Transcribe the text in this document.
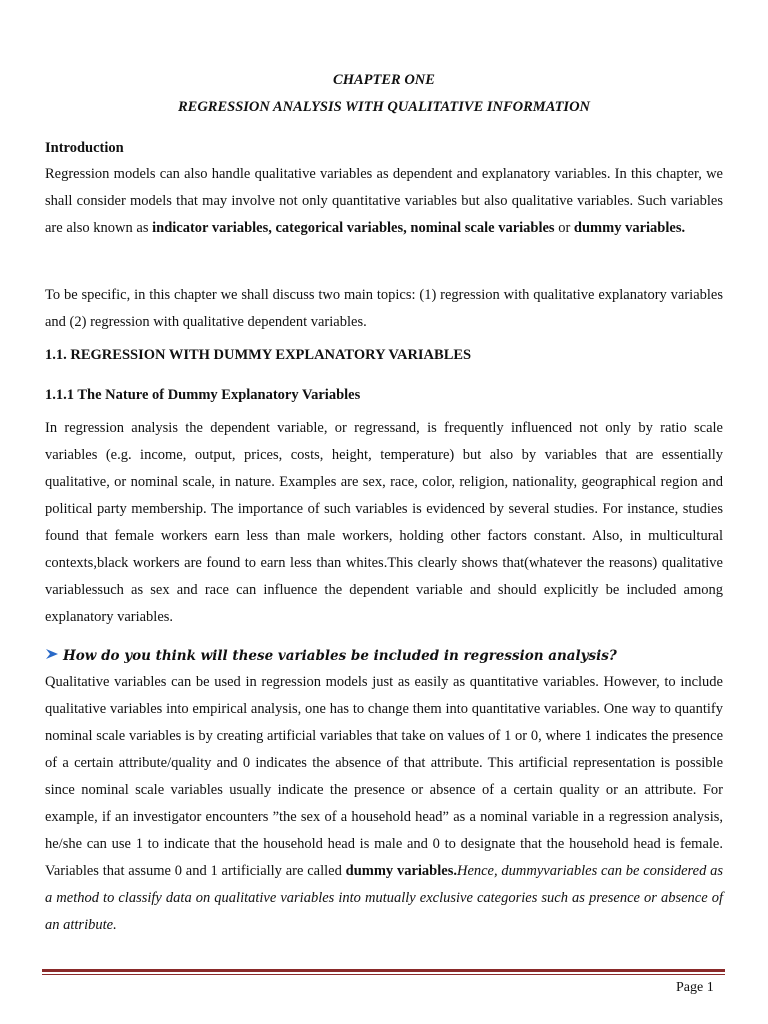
CHAPTER ONE
REGRESSION ANALYSIS WITH QUALITATIVE INFORMATION
Introduction
Regression models can also handle qualitative variables as dependent and explanatory variables. In this chapter, we shall consider models that may involve not only quantitative variables but also qualitative variables. Such variables are also known as indicator variables, categorical variables, nominal scale variables or dummy variables.
To be specific, in this chapter we shall discuss two main topics: (1) regression with qualitative explanatory variables and (2) regression with qualitative dependent variables.
1.1. REGRESSION WITH DUMMY EXPLANATORY VARIABLES
1.1.1 The Nature of Dummy Explanatory Variables
In regression analysis the dependent variable, or regressand, is frequently influenced not only by ratio scale variables (e.g. income, output, prices, costs, height, temperature) but also by variables that are essentially qualitative, or nominal scale, in nature. Examples are sex, race, color, religion, nationality, geographical region and political party membership. The importance of such variables is evidenced by several studies. For instance, studies found that female workers earn less than male workers, holding other factors constant. Also, in multicultural contexts,black workers are found to earn less than whites.This clearly shows that(whatever the reasons) qualitative variablessuch as sex and race can influence the dependent variable and should explicitly be included among explanatory variables.
How do you think will these variables be included in regression analysis?
Qualitative variables can be used in regression models just as easily as quantitative variables. However, to include qualitative variables into empirical analysis, one has to change them into quantitative variables. One way to quantify nominal scale variables is by creating artificial variables that take on values of 1 or 0, where 1 indicates the presence of a certain attribute/quality and 0 indicates the absence of that attribute. This artificial representation is possible since nominal scale variables usually indicate the presence or absence of a certain quality or an attribute. For example, if an investigator encounters ”the sex of a household head” as a nominal variable in a regression analysis, he/she can use 1 to indicate that the household head is male and 0 to designate that the household head is female. Variables that assume 0 and 1 artificially are called dummy variables.Hence, dummyvariables can be considered as a method to classify data on qualitative variables into mutually exclusive categories such as presence or absence of an attribute.
Page 1
